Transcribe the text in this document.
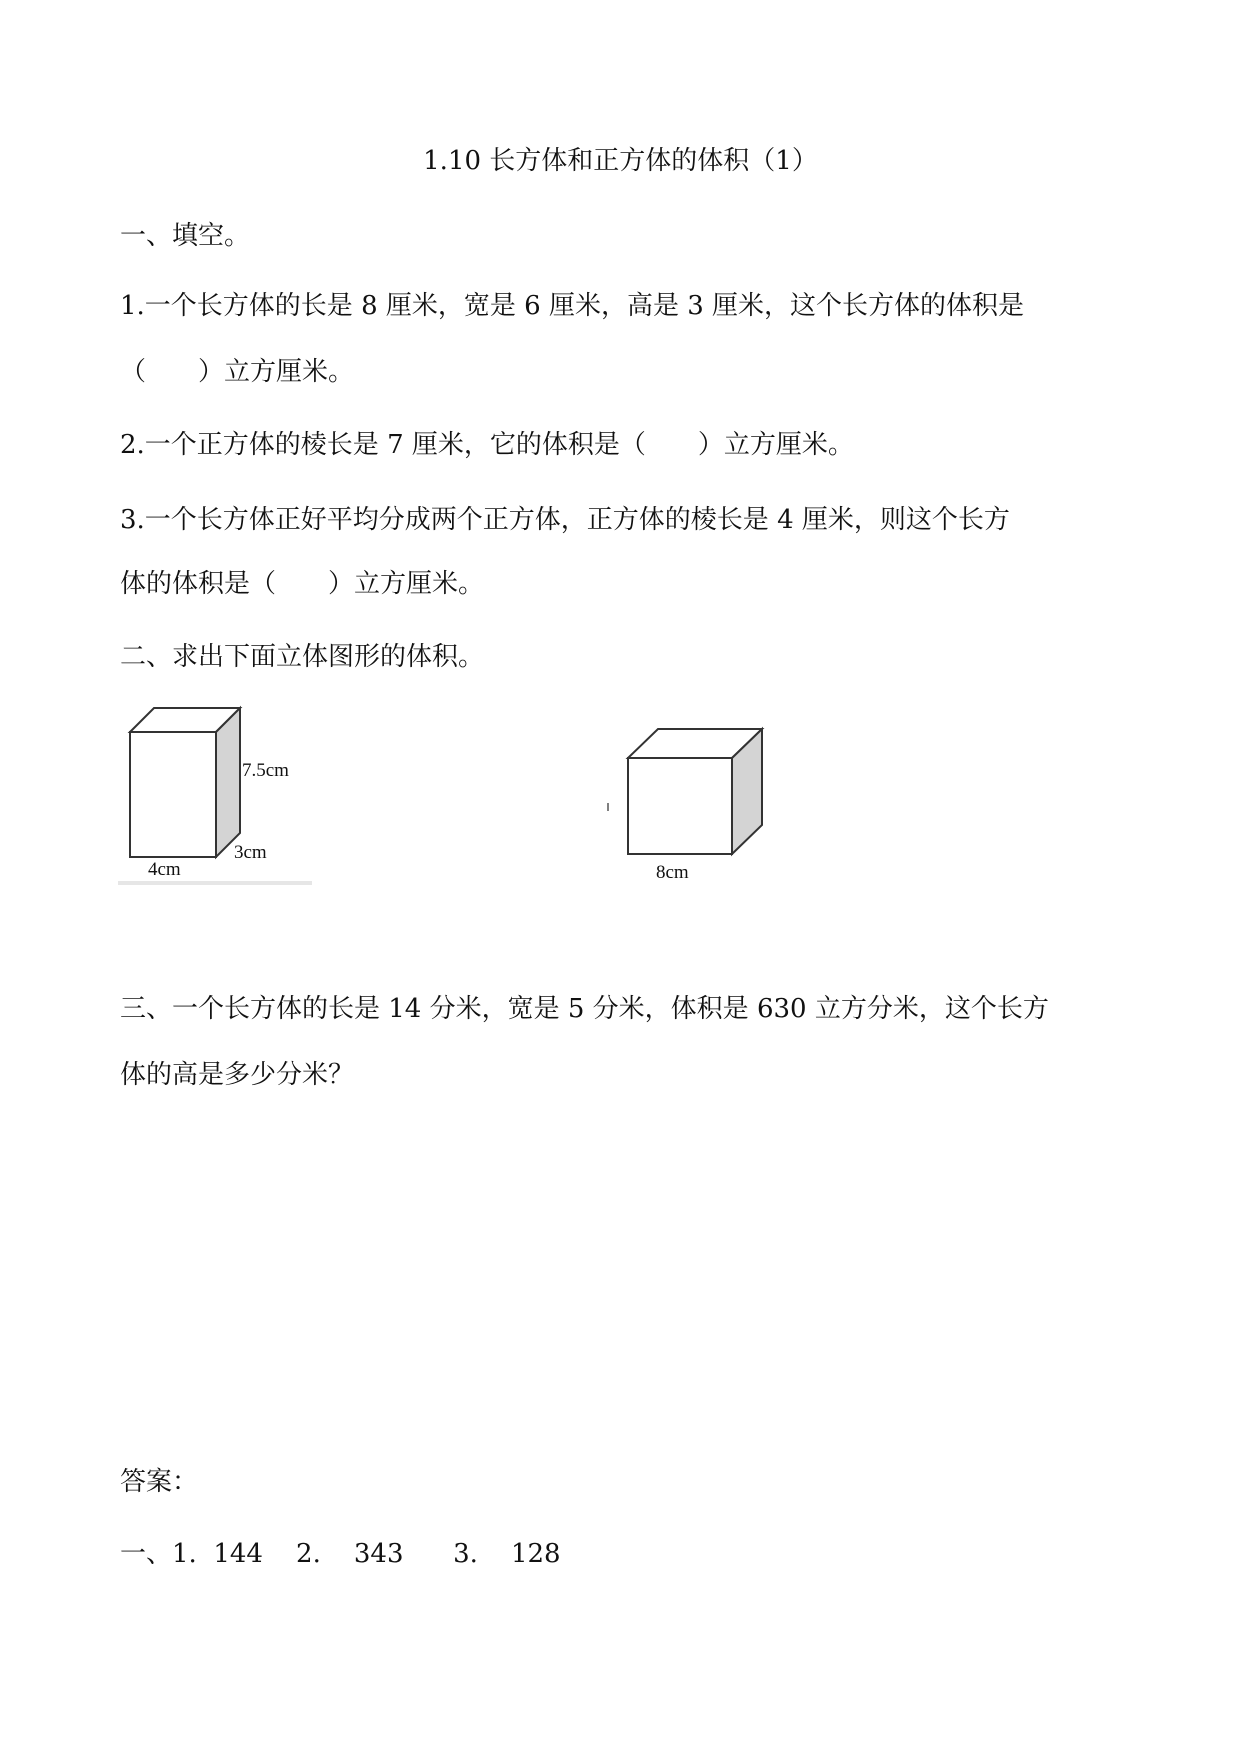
1.10 长方体和正方体的体积（1）
一、填空。
1.一个长方体的长是 8 厘米，宽是 6 厘米，高是 3 厘米，这个长方体的体积是
（　　）立方厘米。
2.一个正方体的棱长是 7 厘米，它的体积是（　　）立方厘米。
3.一个长方体正好平均分成两个正方体，正方体的棱长是 4 厘米，则这个长方
体的体积是（　　）立方厘米。
二、求出下面立体图形的体积。
7.5cm
3cm
4cm	8cm
三、一个长方体的长是 14 分米，宽是 5 分米，体积是 630 立方分米，这个长方
体的高是多少分米？
答案：
一、1.  144    2.    343      3.    128
